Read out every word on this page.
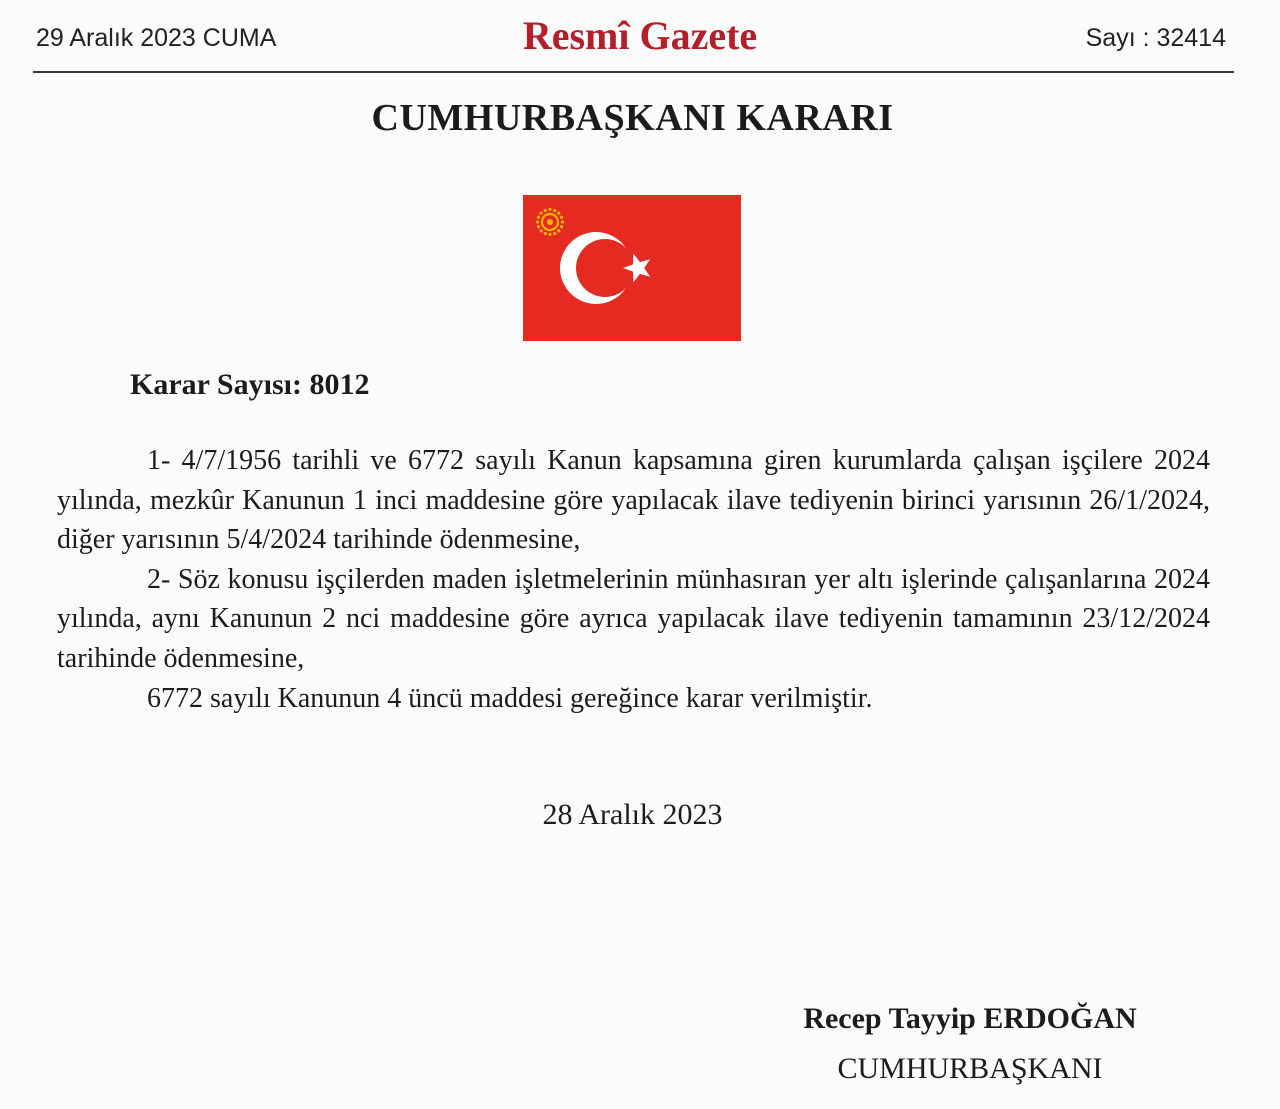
29 Aralık 2023 CUMA	Resmî Gazete	Sayı : 32414
CUMHURBAŞKANI KARARI
Karar Sayısı: 8012

1- 4/7/1956 tarihli ve 6772 sayılı Kanun kapsamına giren kurumlarda çalışan işçilere 2024 yılında, mezkûr Kanunun 1 inci maddesine göre yapılacak ilave tediyenin birinci yarısının 26/1/2024, diğer yarısının 5/4/2024 tarihinde ödenmesine,

2- Söz konusu işçilerden maden işletmelerinin münhasıran yer altı işlerinde çalışanlarına 2024 yılında, aynı Kanunun 2 nci maddesine göre ayrıca yapılacak ilave tediyenin tamamının 23/12/2024 tarihinde ödenmesine,

6772 sayılı Kanunun 4 üncü maddesi gereğince karar verilmiştir.

28 Aralık 2023
Recep Tayyip ERDOĞAN
CUMHURBAŞKANI
